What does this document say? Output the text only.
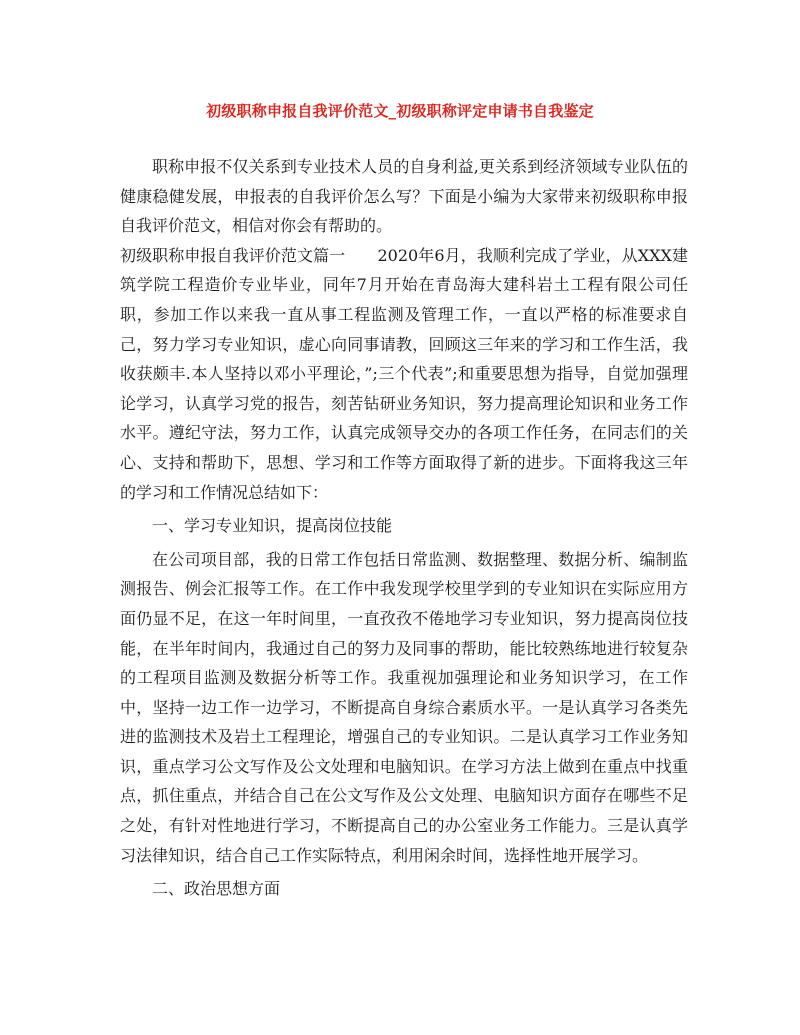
初级职称申报自我评价范文_初级职称评定申请书自我鉴定

职称申报不仅关系到专业技术人员的自身利益,更关系到经济领域专业队伍的健康稳健发展，申报表的自我评价怎么写？下面是小编为大家带来初级职称申报自我评价范文，相信对你会有帮助的。

初级职称申报自我评价范文篇一　　2020年6月，我顺利完成了学业，从XXX建筑学院工程造价专业毕业，同年7月开始在青岛海大建科岩土工程有限公司任职，参加工作以来我一直从事工程监测及管理工作，一直以严格的标准要求自己，努力学习专业知识，虚心向同事请教，回顾这三年来的学习和工作生活，我收获颇丰.本人坚持以邓小平理论，”;三个代表”;和重要思想为指导，自觉加强理论学习，认真学习党的报告，刻苦钻研业务知识，努力提高理论知识和业务工作水平。遵纪守法，努力工作，认真完成领导交办的各项工作任务，在同志们的关心、支持和帮助下，思想、学习和工作等方面取得了新的进步。下面将我这三年的学习和工作情况总结如下：

一、学习专业知识，提高岗位技能

在公司项目部，我的日常工作包括日常监测、数据整理、数据分析、编制监测报告、例会汇报等工作。在工作中我发现学校里学到的专业知识在实际应用方面仍显不足，在这一年时间里，一直孜孜不倦地学习专业知识，努力提高岗位技能，在半年时间内，我通过自己的努力及同事的帮助，能比较熟练地进行较复杂的工程项目监测及数据分析等工作。我重视加强理论和业务知识学习，在工作中，坚持一边工作一边学习，不断提高自身综合素质水平。一是认真学习各类先进的监测技术及岩土工程理论，增强自己的专业知识。二是认真学习工作业务知识，重点学习公文写作及公文处理和电脑知识。在学习方法上做到在重点中找重点，抓住重点，并结合自己在公文写作及公文处理、电脑知识方面存在哪些不足之处，有针对性地进行学习，不断提高自己的办公室业务工作能力。三是认真学习法律知识，结合自己工作实际特点，利用闲余时间，选择性地开展学习。

二、政治思想方面
